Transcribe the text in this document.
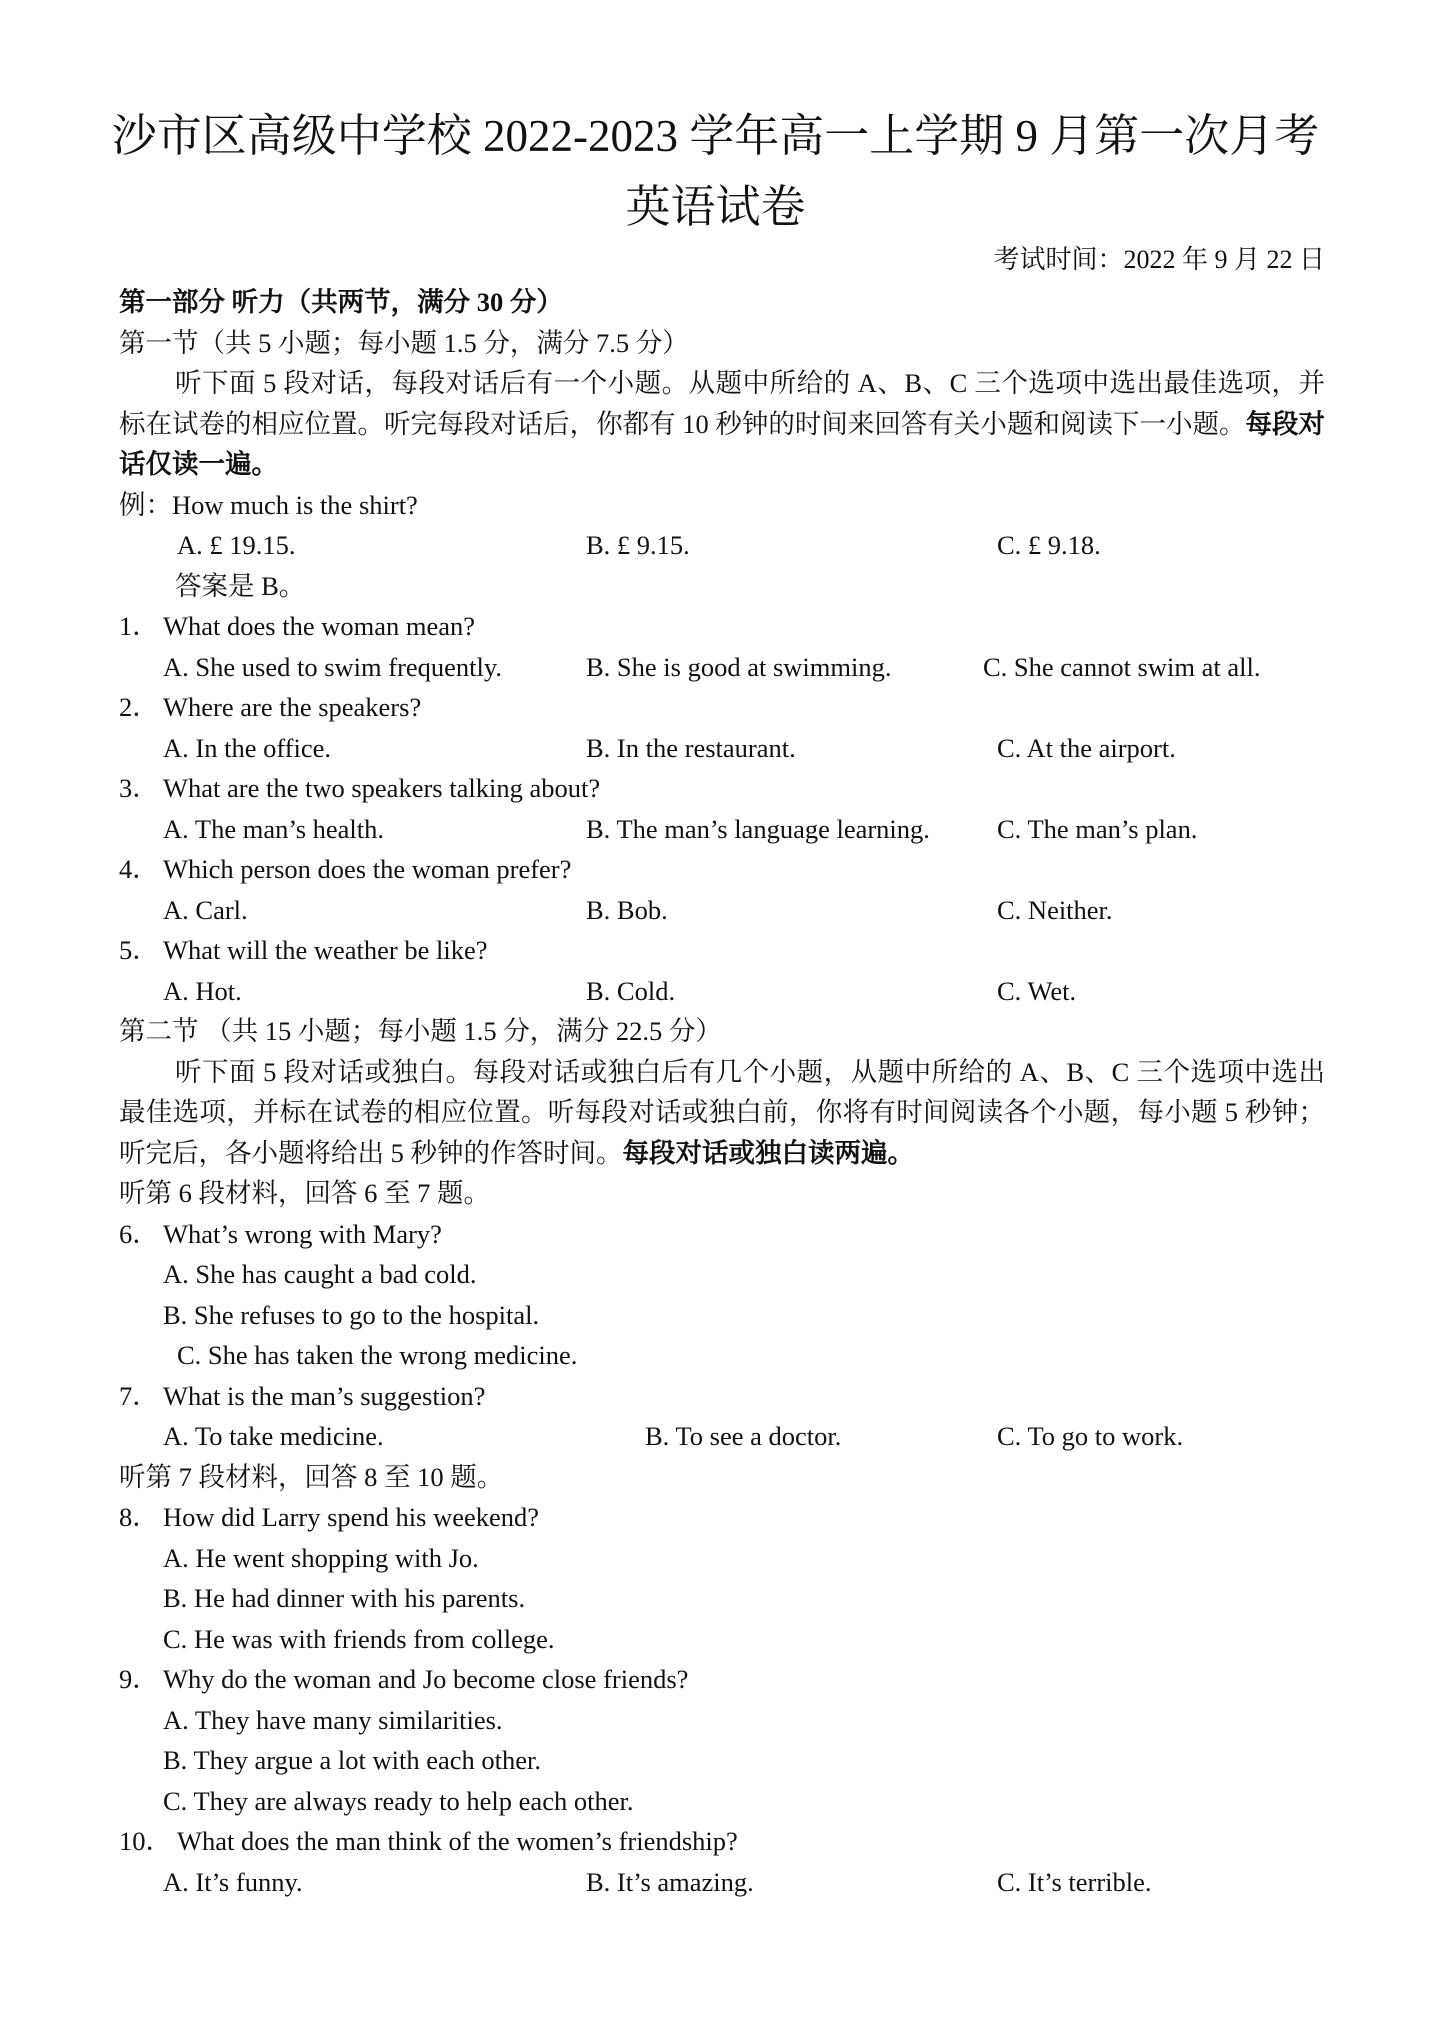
沙市区高级中学校 2022-2023 学年高一上学期 9 月第一次月考
英语试卷
考试时间：2022 年 9 月 22 日
第一部分 听力（共两节，满分 30 分）
第一节（共 5 小题；每小题 1.5 分，满分 7.5 分）
听下面 5 段对话，每段对话后有一个小题。从题中所给的 A、B、C 三个选项中选出最佳选项，并标在试卷的相应位置。听完每段对话后，你都有 10 秒钟的时间来回答有关小题和阅读下一小题。每段对话仅读一遍。
例：How much is the shirt?
A. £ 19.15.	B. £ 9.15.	C. £ 9.18.
答案是 B。
1． What does the woman mean?
A. She used to swim frequently.	B. She is good at swimming.	C. She cannot swim at all.
2． Where are the speakers?
A. In the office.	B. In the restaurant.	C. At the airport.
3． What are the two speakers talking about?
A. The man’s health.	B. The man’s language learning.	C. The man’s plan.
4． Which person does the woman prefer?
A. Carl.	B. Bob.	C. Neither.
5． What will the weather be like?
A. Hot.	B. Cold.	C. Wet.
第二节 （共 15 小题；每小题 1.5 分，满分 22.5 分）
听下面 5 段对话或独白。每段对话或独白后有几个小题，从题中所给的 A、B、C 三个选项中选出最佳选项，并标在试卷的相应位置。听每段对话或独白前，你将有时间阅读各个小题，每小题 5 秒钟；听完后，各小题将给出 5 秒钟的作答时间。每段对话或独白读两遍。
听第 6 段材料，回答 6 至 7 题。
6． What’s wrong with Mary?
A. She has caught a bad cold.
B. She refuses to go to the hospital.
C. She has taken the wrong medicine.
7． What is the man’s suggestion?
A. To take medicine.	B. To see a doctor.	C. To go to work.
听第 7 段材料，回答 8 至 10 题。
8． How did Larry spend his weekend?
A. He went shopping with Jo.
B. He had dinner with his parents.
C. He was with friends from college.
9． Why do the woman and Jo become close friends?
A. They have many similarities.
B. They argue a lot with each other.
C. They are always ready to help each other.
10． What does the man think of the women’s friendship?
A. It’s funny.	B. It’s amazing.	C. It’s terrible.
